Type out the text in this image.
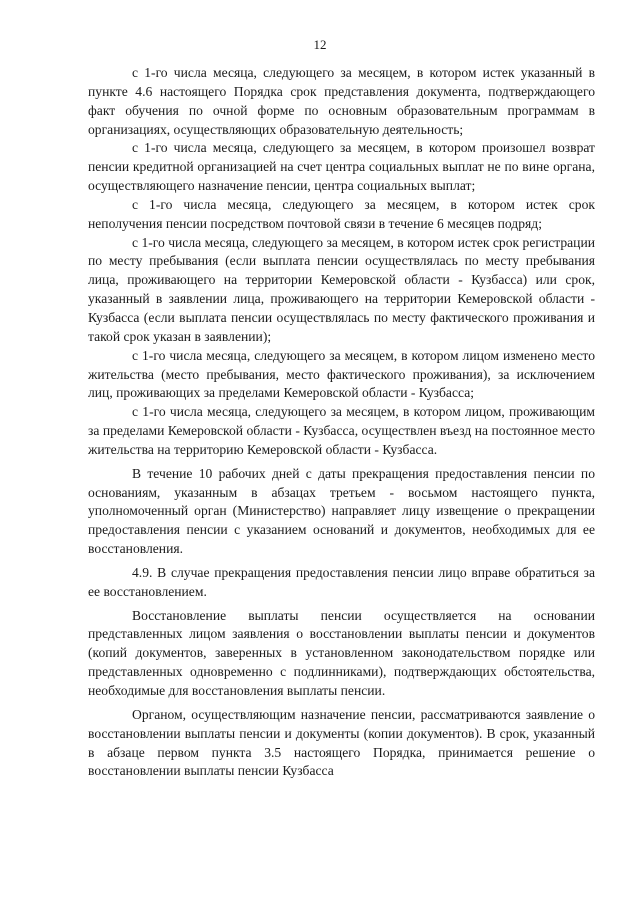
12

с 1-го числа месяца, следующего за месяцем, в котором истек указанный в пункте 4.6 настоящего Порядка срок представления документа, подтверждающего факт обучения по очной форме по основным образовательным программам в организациях, осуществляющих образовательную деятельность;

с 1-го числа месяца, следующего за месяцем, в котором произошел возврат пенсии кредитной организацией на счет центра социальных выплат не по вине органа, осуществляющего назначение пенсии, центра социальных выплат;

с 1-го числа месяца, следующего за месяцем, в котором истек срок неполучения пенсии посредством почтовой связи в течение 6 месяцев подряд;

с 1-го числа месяца, следующего за месяцем, в котором истек срок регистрации по месту пребывания (если выплата пенсии осуществлялась по месту пребывания лица, проживающего на территории Кемеровской области - Кузбасса) или срок, указанный в заявлении лица, проживающего на территории Кемеровской области - Кузбасса (если выплата пенсии осуществлялась по месту фактического проживания и такой срок указан в заявлении);

с 1-го числа месяца, следующего за месяцем, в котором лицом изменено место жительства (место пребывания, место фактического проживания), за исключением лиц, проживающих за пределами Кемеровской области - Кузбасса;

с 1-го числа месяца, следующего за месяцем, в котором лицом, проживающим за пределами Кемеровской области - Кузбасса, осуществлен въезд на постоянное место жительства на территорию Кемеровской области - Кузбасса.

В течение 10 рабочих дней с даты прекращения предоставления пенсии по основаниям, указанным в абзацах третьем - восьмом настоящего пункта, уполномоченный орган (Министерство) направляет лицу извещение о прекращении предоставления пенсии с указанием оснований и документов, необходимых для ее восстановления.

4.9. В случае прекращения предоставления пенсии лицо вправе обратиться за ее восстановлением.

Восстановление выплаты пенсии осуществляется на основании представленных лицом заявления о восстановлении выплаты пенсии и документов (копий документов, заверенных в установленном законодательством порядке или представленных одновременно с подлинниками), подтверждающих обстоятельства, необходимые для восстановления выплаты пенсии.

Органом, осуществляющим назначение пенсии, рассматриваются заявление о восстановлении выплаты пенсии и документы (копии документов). В срок, указанный в абзаце первом пункта 3.5 настоящего Порядка, принимается решение о восстановлении выплаты пенсии Кузбасса
